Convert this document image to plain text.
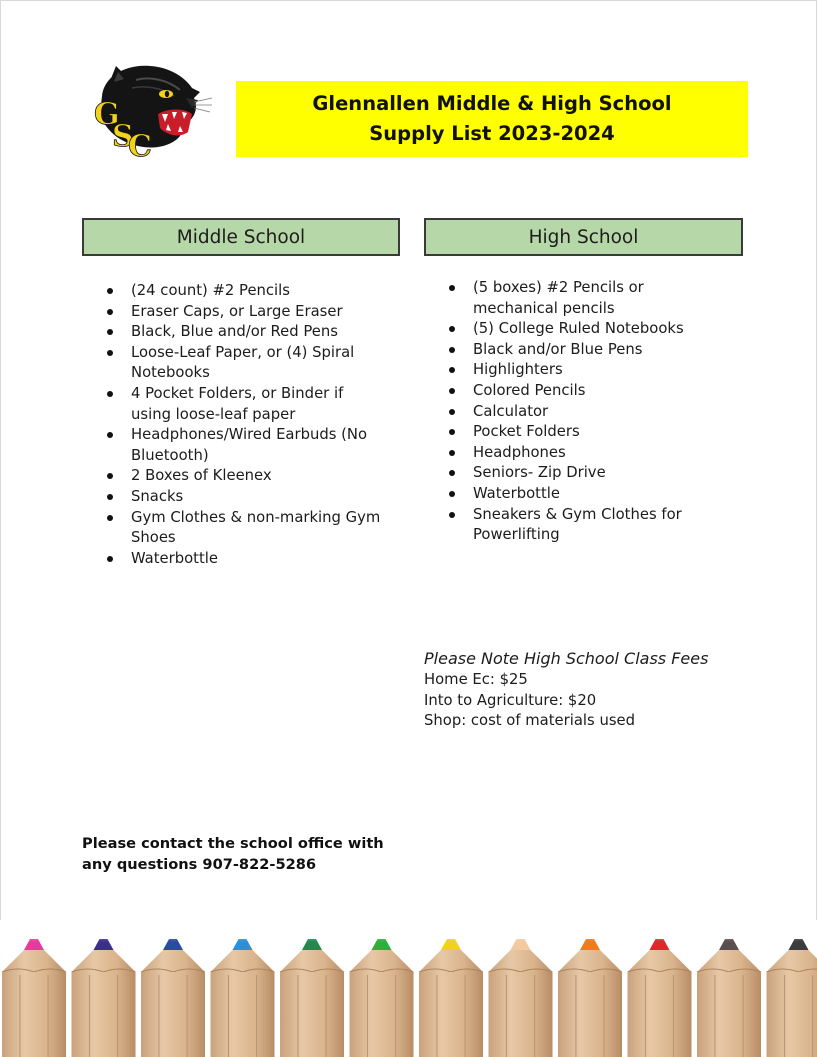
G
S
C
Glennallen Middle & High School
Supply List 2023-2024
Middle School	High School
(24 count) #2 Pencils
Eraser Caps, or Large Eraser
Black, Blue and/or Red Pens
Loose-Leaf Paper, or (4) Spiral Notebooks
4 Pocket Folders, or Binder if using loose-leaf paper
Headphones/Wired Earbuds (No Bluetooth)
2 Boxes of Kleenex
Snacks
Gym Clothes & non-marking Gym Shoes
Waterbottle
(5 boxes) #2 Pencils or mechanical pencils
(5) College Ruled Notebooks
Black and/or Blue Pens
Highlighters
Colored Pencils
Calculator
Pocket Folders
Headphones
Seniors- Zip Drive
Waterbottle
Sneakers & Gym Clothes for Powerlifting
Please Note High School Class Fees
Home Ec: $25
Into to Agriculture: $20
Shop: cost of materials used
Please contact the school office with
any questions 907-822-5286
